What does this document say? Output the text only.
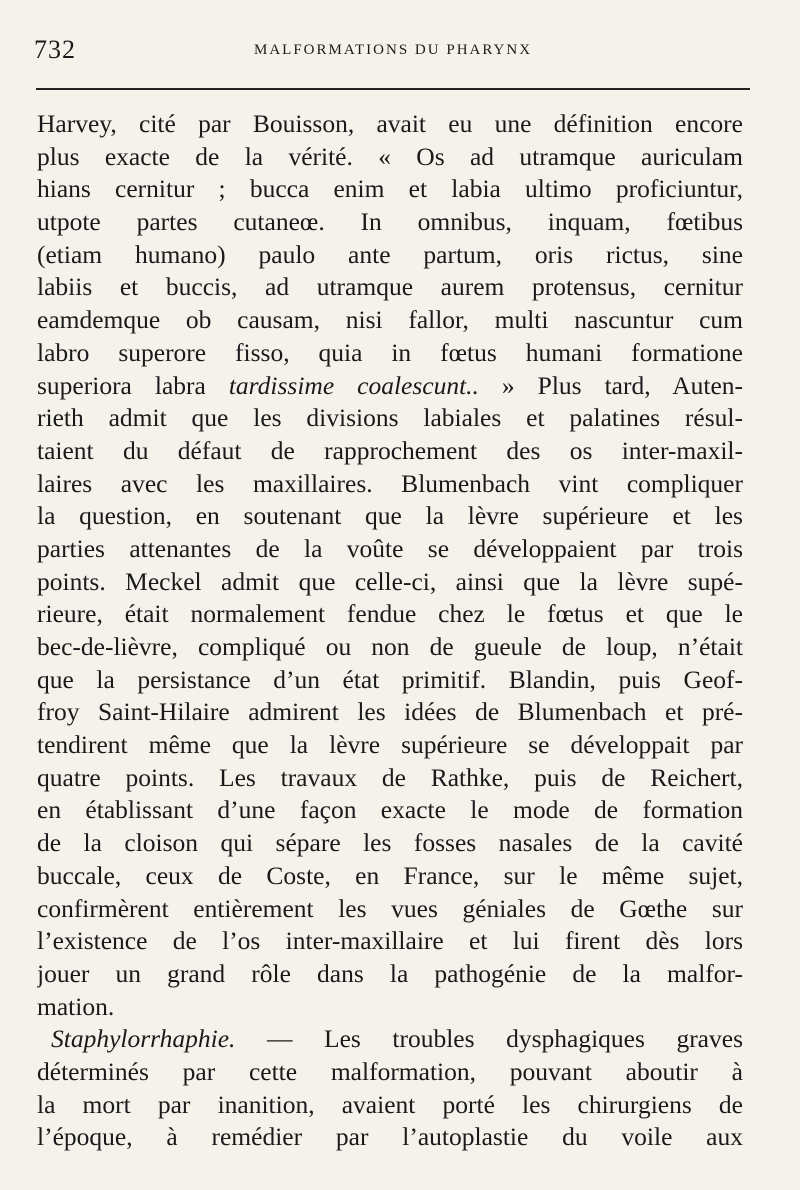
732	MALFORMATIONS DU PHARYNX
Harvey, cité par Bouisson, avait eu une définition encore
plus exacte de la vérité. « Os ad utramque auriculam
hians cernitur ; bucca enim et labia ultimo proficiuntur,
utpote partes cutaneœ. In omnibus, inquam, fœtibus
(etiam humano) paulo ante partum, oris rictus, sine
labiis et buccis, ad utramque aurem protensus, cernitur
eamdemque ob causam, nisi fallor, multi nascuntur cum
labro superore fisso, quia in fœtus humani formatione
superiora labra tardissime coalescunt.. » Plus tard, Auten-
rieth admit que les divisions labiales et palatines résul-
taient du défaut de rapprochement des os inter-maxil-
laires avec les maxillaires. Blumenbach vint compliquer
la question, en soutenant que la lèvre supérieure et les
parties attenantes de la voûte se développaient par trois
points. Meckel admit que celle-ci, ainsi que la lèvre supé-
rieure, était normalement fendue chez le fœtus et que le
bec-de-lièvre, compliqué ou non de gueule de loup, n’était
que la persistance d’un état primitif. Blandin, puis Geof-
froy Saint-Hilaire admirent les idées de Blumenbach et pré-
tendirent même que la lèvre supérieure se développait par
quatre points. Les travaux de Rathke, puis de Reichert,
en établissant d’une façon exacte le mode de formation
de la cloison qui sépare les fosses nasales de la cavité
buccale, ceux de Coste, en France, sur le même sujet,
confirmèrent entièrement les vues géniales de Gœthe sur
l’existence de l’os inter-maxillaire et lui firent dès lors
jouer un grand rôle dans la pathogénie de la malfor-
mation.
Staphylorrhaphie. — Les troubles dysphagiques graves
déterminés par cette malformation, pouvant aboutir à
la mort par inanition, avaient porté les chirurgiens de
l’époque, à remédier par l’autoplastie du voile aux
